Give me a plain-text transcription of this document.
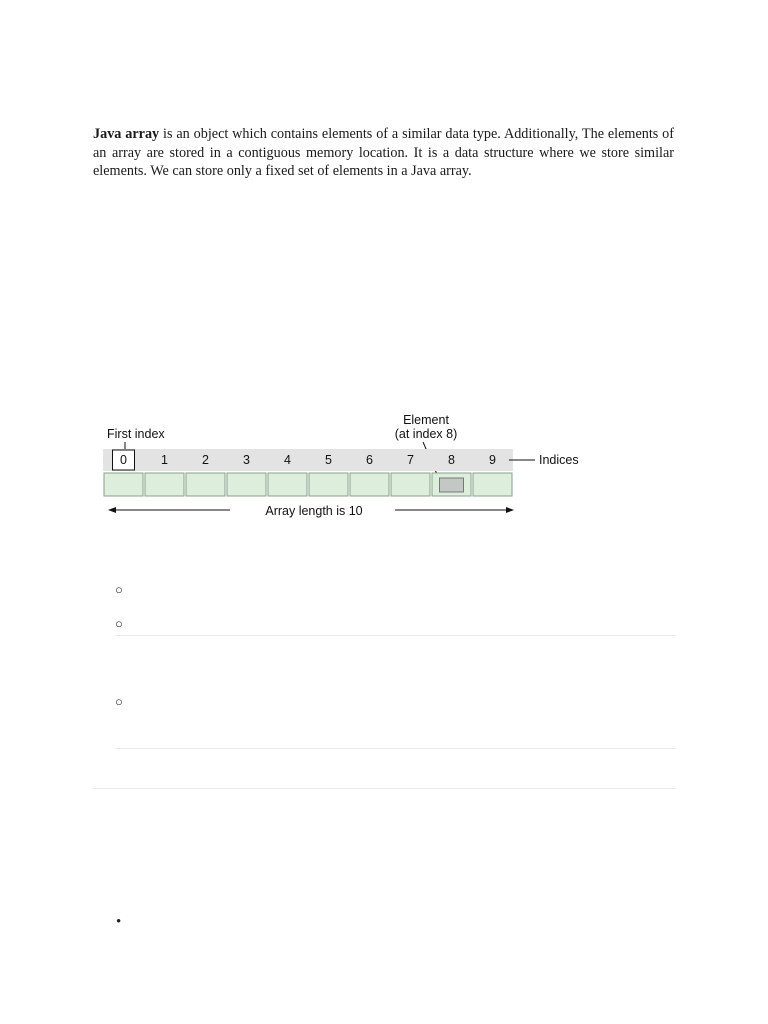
Java array is an object which contains elements of a similar data type. Additionally, The elements of an array are stored in a contiguous memory location. It is a data structure where we store similar elements. We can store only a fixed set of elements in a Java array.

First index
Element
(at index 8)
0	1	2	3	4	5	6	7	8	9	Indices
Array length is 10
○
○
○
•
